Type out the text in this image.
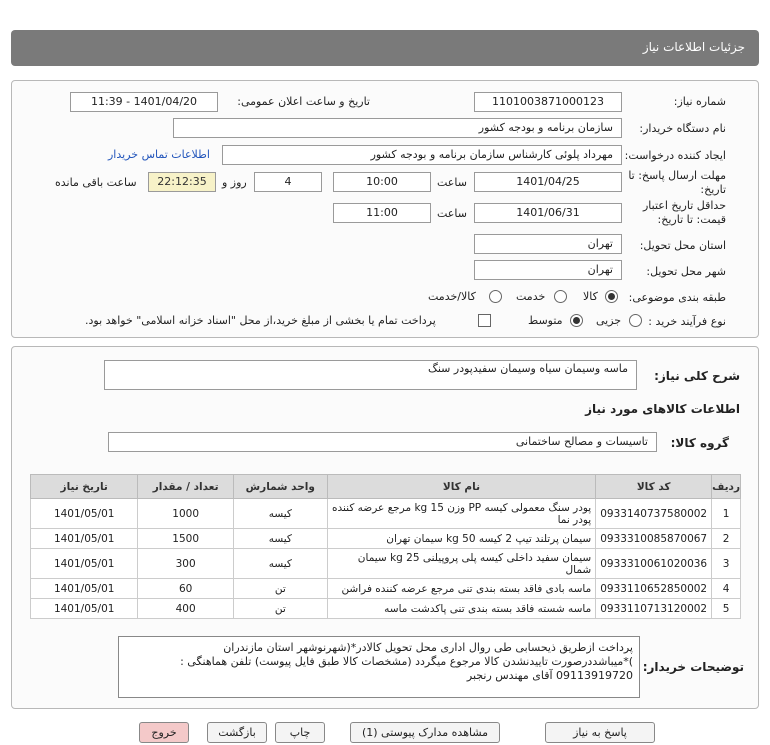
جزئیات اطلاعات نیاز
شماره نیاز:
1101003871000123
تاریخ و ساعت اعلان عمومی:
1401/04/20 - 11:39
نام دستگاه خریدار:
سازمان برنامه و بودجه کشور
ایجاد کننده درخواست:
مهرداد پلوئی کارشناس سازمان برنامه و بودجه کشور
اطلاعات تماس خریدار
مهلت ارسال پاسخ: تا
تاریخ:
1401/04/25
ساعت
10:00
4
روز و
22:12:35
ساعت باقی مانده
حداقل تاریخ اعتبار
قیمت: تا تاریخ:
1401/06/31
ساعت
11:00
استان محل تحویل:
تهران
شهر محل تحویل:
تهران
طبقه بندی موضوعی:
کالا
خدمت
کالا/خدمت
نوع فرآیند خرید :
جزیی
متوسط
پرداخت تمام یا بخشی از مبلغ خرید،از محل "اسناد خزانه اسلامی" خواهد بود.
شرح کلی نیاز:
ماسه وسیمان سیاه وسیمان سفیدپودر سنگ
اطلاعات کالاهای مورد نیاز
گروه کالا:
تاسیسات و مصالح ساختمانی
ردیف	کد کالا	نام کالا	واحد شمارش	تعداد / مقدار	تاریخ نیاز
1	0933140737580002	پودر سنگ معمولی کیسه PP وزن 15 kg مرجع عرضه کننده پودر نما	کیسه	1000	1401/05/01
2	0933310085870067	سیمان پرتلند تیپ 2 کیسه 50 kg سیمان تهران	کیسه	1500	1401/05/01
3	0933310061020036	سیمان سفید داخلی کیسه پلی پروپیلنی 25 kg سیمان شمال	کیسه	300	1401/05/01
4	0933110652850002	ماسه بادی فاقد بسته بندی تنی مرجع عرضه کننده فراشن	تن	60	1401/05/01
5	0933110713120002	ماسه شسته فاقد بسته بندی تنی پاکدشت ماسه	تن	400	1401/05/01
توضیحات خریدار:
پرداخت ازطریق ذیحسابی طی روال اداری محل تحویل کالادر*(شهرنوشهر استان مازندران
)*میباشددرصورت تاییدنشدن کالا مرجوع میگردد (مشخصات کالا طبق فایل پیوست) تلفن هماهنگی :
09113919720 آقای مهندس رنجبر
پاسخ به نیاز
مشاهده مدارک پیوستی (1)
چاپ
بازگشت
خروج
